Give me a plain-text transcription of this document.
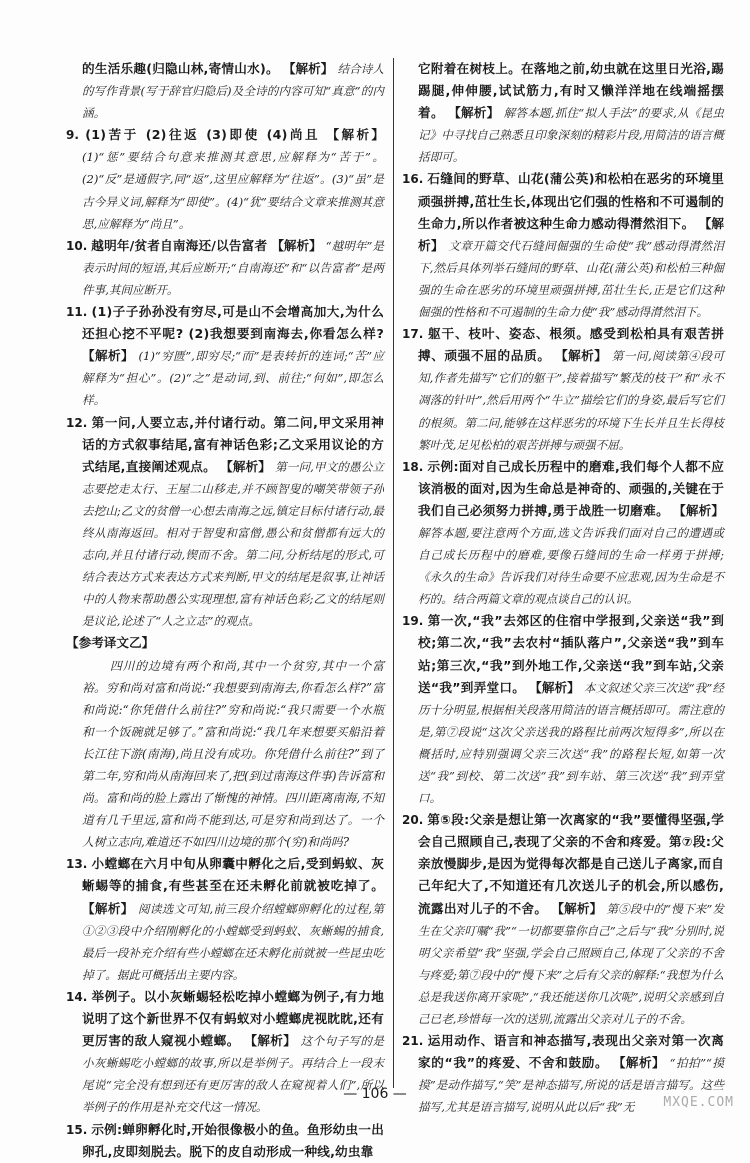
的生活乐趣(归隐山林,寄情山水)。 【解析】 结合诗人的写作背景(写于辞官归隐后)及全诗的内容可知“真意”的内涵。

9. (1)苦于 (2)往返 (3)即使 (4)尚且 【解析】 (1)“惩”要结合句意来推测其意思,应解释为“苦于”。(2)“反”是通假字,同“返”,这里应解释为“往返”。(3)“虽”是古今异义词,解释为“即使”。(4)“犹”要结合文章来推测其意思,应解释为“尚且”。

10. 越明年/贫者自南海还/以告富者 【解析】 “越明年”是表示时间的短语,其后应断开;“自南海还”和“以告富者”是两件事,其间应断开。

11. (1)子子孙孙没有穷尽,可是山不会增高加大,为什么还担心挖不平呢? (2)我想要到南海去,你看怎么样? 【解析】 (1)“穷匮”,即穷尽;“而”是表转折的连词;“苦”应解释为“担心”。(2)“之”是动词,到、前往;“何如”,即怎么样。

12. 第一问,人要立志,并付诸行动。第二问,甲文采用神话的方式叙事结尾,富有神话色彩;乙文采用议论的方式结尾,直接阐述观点。 【解析】 第一问,甲文的愚公立志要挖走太行、王屋二山移走,并不顾智叟的嘲笑带领子孙去挖山;乙文的贫僧一心想去南海之远,镇定目标付诸行动,最终从南海返回。相对于智叟和富僧,愚公和贫僧都有远大的志向,并且付诸行动,锲而不舍。第二问,分析结尾的形式,可结合表达方式来表达方式来判断,甲文的结尾是叙事,让神话中的人物来帮助愚公实现理想,富有神话色彩;乙文的结尾则是议论,论述了“人之立志”的观点。

【参考译文乙】

四川的边境有两个和尚,其中一个贫穷,其中一个富裕。穷和尚对富和尚说:“我想要到南海去,你看怎么样?”富和尚说:“你凭借什么前往?”穷和尚说:“我只需要一个水瓶和一个饭碗就足够了。”富和尚说:“我几年来想要买船沿着长江往下游(南海),尚且没有成功。你凭借什么前往?”到了第二年,穷和尚从南海回来了,把(到过南海这件事)告诉富和尚。富和尚的脸上露出了惭愧的神情。四川距离南海,不知道有几千里远,富和尚不能到达,可是穷和尚到达了。一个人树立志向,难道还不如四川边境的那个(穷)和尚吗?

13. 小螳螂在六月中旬从卵囊中孵化之后,受到蚂蚁、灰蜥蜴等的捕食,有些甚至在还未孵化前就被吃掉了。 【解析】 阅读选文可知,前三段介绍螳螂卵孵化的过程,第①②③段中介绍刚孵化的小螳螂受到蚂蚁、灰蜥蜴的捕食,最后一段补充介绍有些小螳螂在还未孵化前就被一些昆虫吃掉了。据此可概括出主要内容。

14. 举例子。以小灰蜥蜴轻松吃掉小螳螂为例子,有力地说明了这个新世界不仅有蚂蚁对小螳螂虎视眈眈,还有更厉害的敌人窥视小螳螂。 【解析】 这个句子写的是小灰蜥蜴吃小螳螂的故事,所以是举例子。再结合上一段末尾说“完全没有想到还有更厉害的敌人在窥视着人们”,所以举例子的作用是补充交代这一情况。

15. 示例:蝉卵孵化时,开始很像极小的鱼。鱼形幼虫一出卵孔,皮即刻脱去。脱下的皮自动形成一种线,幼虫靠

它附着在树枝上。在落地之前,幼虫就在这里日光浴,踢踢腿,伸伸腰,试试筋力,有时又懒洋洋地在线端摇摆着。 【解析】 解答本题,抓住“拟人手法”的要求,从《昆虫记》中寻找自己熟悉且印象深刻的精彩片段,用简洁的语言概括即可。

16. 石缝间的野草、山花(蒲公英)和松柏在恶劣的环境里顽强拼搏,茁壮生长,体现出它们强的性格和不可遏制的生命力,所以作者被这种生命力感动得潸然泪下。 【解析】 文章开篇交代石缝间倔强的生命使“我”感动得潸然泪下,然后具体列举石缝间的野草、山花(蒲公英)和松柏三种倔强的生命在恶劣的环境里顽强拼搏,茁壮生长,正是它们这种倔强的性格和不可遏制的生命力使“我”感动得潸然泪下。

17. 躯干、枝叶、姿态、根须。感受到松柏具有艰苦拼搏、顽强不屈的品质。 【解析】 第一问,阅读第④段可知,作者先描写“它们的躯干”,接着描写“繁茂的枝干”和“永不凋落的针叶”,然后用两个“牛立”描绘它们的身姿,最后写它们的根须。第二问,能够在这样恶劣的环境下生长并且生长得枝繁叶茂,足见松柏的艰苦拼搏与顽强不屈。

18. 示例:面对自己成长历程中的磨难,我们每个人都不应该消极的面对,因为生命总是神奇的、顽强的,关键在于我们自己必须努力拼搏,勇于战胜一切磨难。 【解析】 解答本题,要注意两个方面,选文告诉我们面对自己的遭遇或自己成长历程中的磨难,要像石缝间的生命一样勇于拼搏;《永久的生命》告诉我们对待生命要不应悲观,因为生命是不朽的。结合两篇文章的观点谈自己的认识。

19. 第一次,“我”去郊区的住宿中学报到,父亲送“我”到校;第二次,“我”去农村“插队落户”,父亲送“我”到车站;第三次,“我”到外地工作,父亲送“我”到车站,父亲送“我”到弄堂口。 【解析】 本文叙述父亲三次送“我”经历十分明显,根据相关段落用简洁的语言概括即可。需注意的是,第⑦段说“这次父亲送我的路程比前两次短得多”,所以在概括时,应特别强调父亲三次送“我”的路程长短,如第一次送“我”到校、第二次送“我”到车站、第三次送“我”到弄堂口。

20. 第⑤段:父亲是想让第一次离家的“我”要懂得坚强,学会自己照顾自己,表现了父亲的不舍和疼爱。第⑦段:父亲放慢脚步,是因为觉得每次都是自己送儿子离家,而自己年纪大了,不知道还有几次送儿子的机会,所以感伤,流露出对儿子的不舍。 【解析】 第⑤段中的“慢下来”发生在父亲叮嘱“我”“一切都要靠你自己”之后与“我”分别时,说明父亲希望“我”坚强,学会自己照顾自己,体现了父亲的不舍与疼爱;第⑦段中的“慢下来”之后有父亲的解释:“我想为什么总是我送你离开家呢”,“我还能送你几次呢”,说明父亲感到自己已老,珍惜每一次的送别,流露出父亲对儿子的不舍。

21. 运用动作、语言和神态描写,表现出父亲对第一次离家的“我”的疼爱、不舍和鼓励。 【解析】 “拍拍”“摸摸”是动作描写,“笑”是神态描写,所说的话是语言描写。这些描写,尤其是语言描写,说明从此以后“我”无

— 106 —
MXQE.COM
